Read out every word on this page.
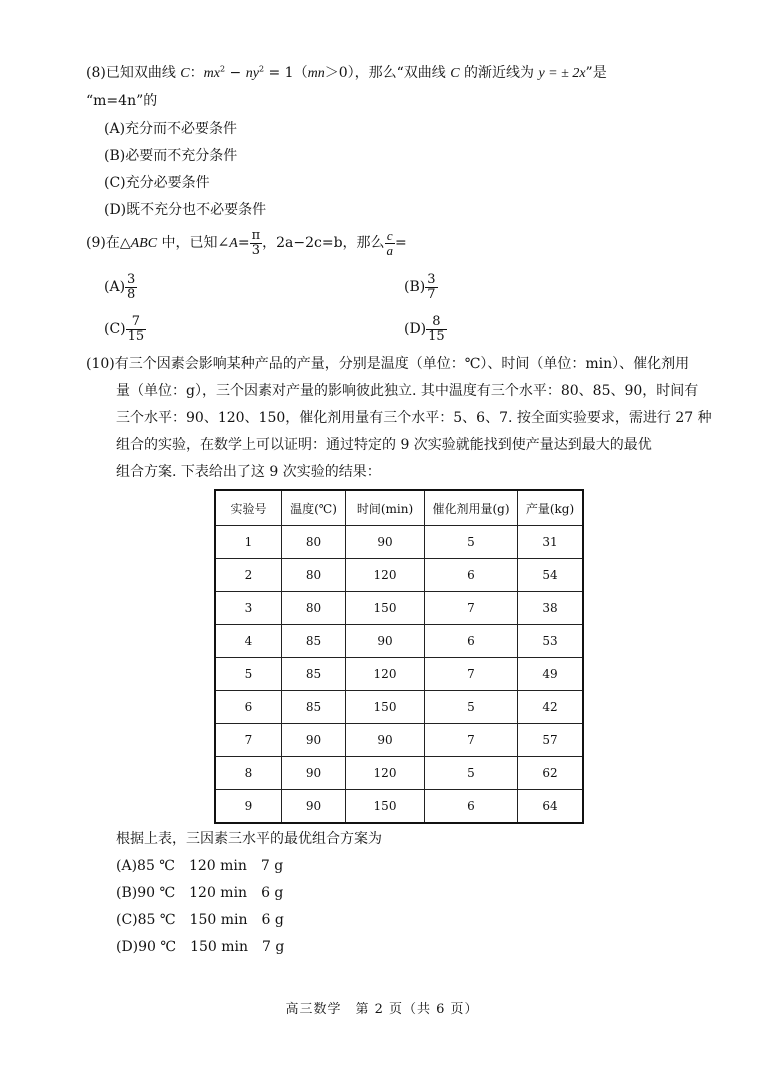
(8)已知双曲线 C：$mx^2 - ny^2 = 1(mn>0)$，那么“双曲线 C 的渐近线为 y = ± 2x”是
“m=4n”的
(A)充分而不必要条件
(B)必要而不充分条件
(C)充分必要条件
(D)既不充分也不必要条件
(9)在△ABC 中，已知∠A= $\frac{\pi}{3}$ ，2a−2c=b，那么 $\frac{c}{a}$ =
$(A) \frac{3}{8}$	$(B) \frac{3}{7}$
$(C) \frac{7}{15}$	$(D) \frac{8}{15}$
(10)有三个因素会影响某种产品的产量，分别是温度（单位：℃）、时间（单位：min）、催化剂用
量（单位：g），三个因素对产量的影响彼此独立. 其中温度有三个水平：80、85、90，时间有
三个水平：90、120、150，催化剂用量有三个水平：5、6、7. 按全面实验要求，需进行 27 种
组合的实验，在数学上可以证明：通过特定的 9 次实验就能找到使产量达到最大的最优
组合方案. 下表给出了这 9 次实验的结果：
实验号	温度(℃)	时间(min)	催化剂用量(g)	产量(kg)
1	80	90	5	31
2	80	120	6	54
3	80	150	7	38
4	85	90	6	53
5	85	120	7	49
6	85	150	5	42
7	90	90	7	57
8	90	120	5	62
9	90	150	6	64
根据上表，三因素三水平的最优组合方案为
(A)85 ℃　120 min　7 g
(B)90 ℃　120 min　6 g
(C)85 ℃　150 min　6 g
(D)90 ℃　150 min　7 g
高三数学　第 2 页（共 6 页）
